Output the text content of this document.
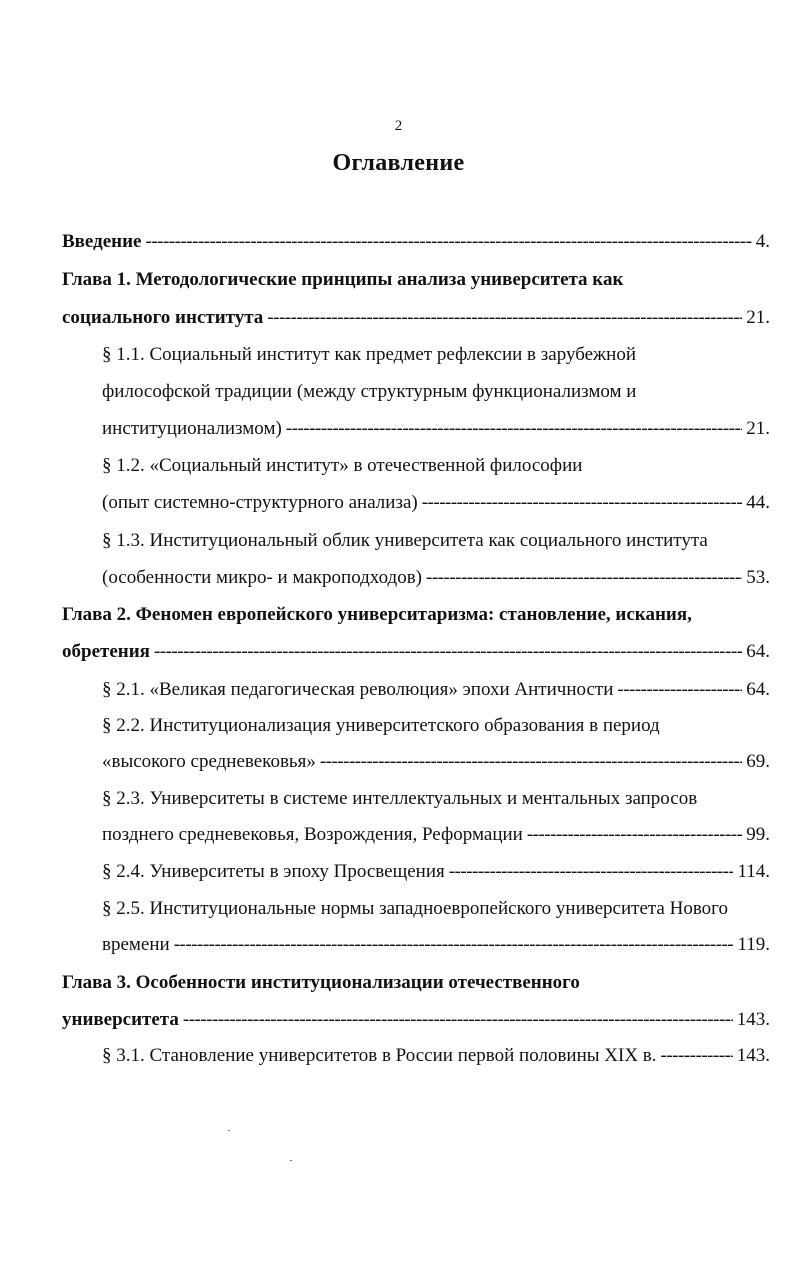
2
Оглавление
Введение -----	4.
Глава 1. Методологические принципы анализа университета как
социального института -----	21.
§ 1.1. Социальный институт как предмет рефлексии в зарубежной
философской традиции (между структурным функционализмом и
институционализмом) -----	21.
§ 1.2. «Социальный институт» в отечественной философии
(опыт системно-структурного анализа) -----	44.
§ 1.3. Институциональный облик университета как социального института
(особенности микро- и макроподходов) -----	53.
Глава 2. Феномен европейского университаризма: становление, искания,
обретения -----	64.
§ 2.1. «Великая педагогическая революция» эпохи Античности -----	64.
§ 2.2. Институционализация университетского образования в период
«высокого средневековья» -----	69.
§ 2.3. Университеты в системе интеллектуальных и ментальных запросов
позднего средневековья, Возрождения, Реформации -----	99.
§ 2.4. Университеты в эпоху Просвещения -----	114.
§ 2.5. Институциональные нормы западноевропейского университета Нового
времени -----	119.
Глава 3. Особенности институционализации отечественного
университета -----	143.
§ 3.1. Становление университетов в России первой половины XIX в. -----	143.
